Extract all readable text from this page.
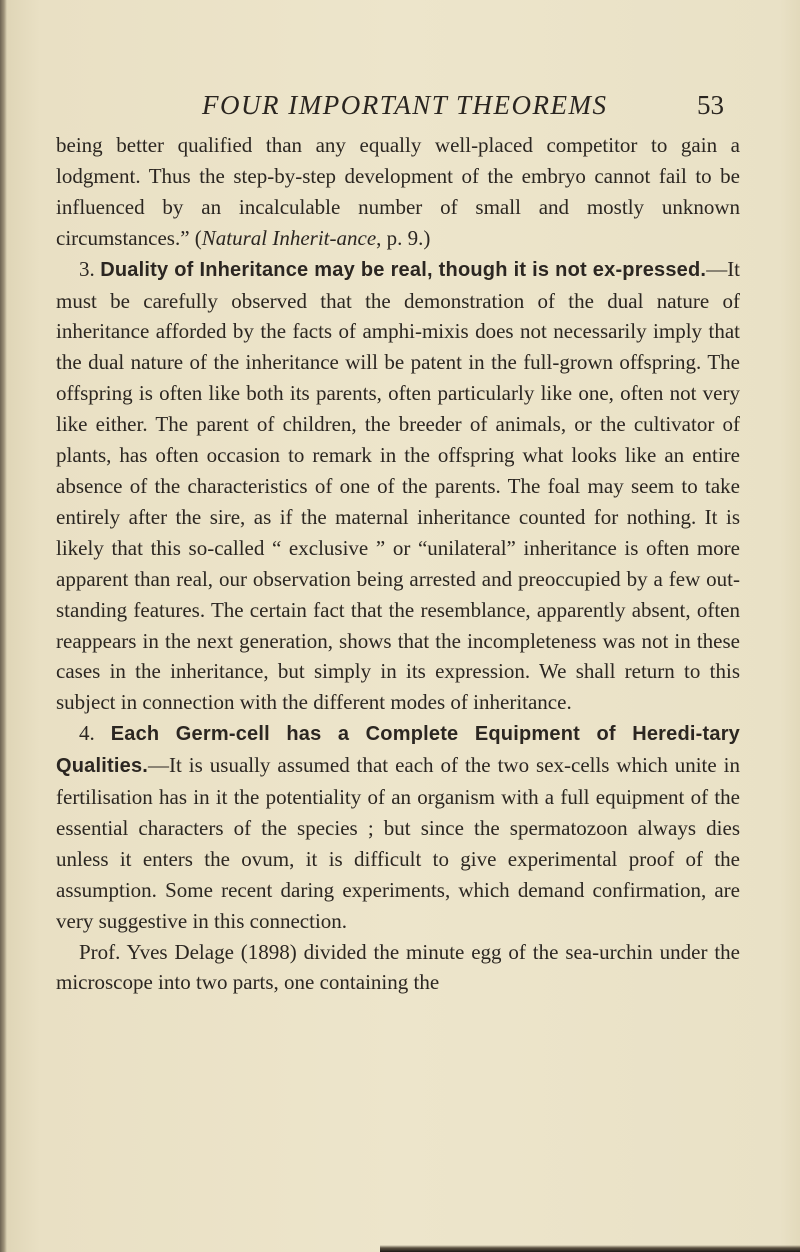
FOUR IMPORTANT THEOREMS	53

being better qualified than any equally well-placed competitor to gain a lodgment. Thus the step-by-step development of the embryo cannot fail to be influenced by an incalculable number of small and mostly unknown circumstances.” (Natural Inherit-ance, p. 9.)

3. Duality of Inheritance may be real, though it is not ex-pressed.—It must be carefully observed that the demonstration of the dual nature of inheritance afforded by the facts of amphi-mixis does not necessarily imply that the dual nature of the inheritance will be patent in the full-grown offspring. The offspring is often like both its parents, often particularly like one, often not very like either. The parent of children, the breeder of animals, or the cultivator of plants, has often occasion to remark in the offspring what looks like an entire absence of the characteristics of one of the parents. The foal may seem to take entirely after the sire, as if the maternal inheritance counted for nothing. It is likely that this so-called “ exclusive ” or “unilateral” inheritance is often more apparent than real, our observation being arrested and preoccupied by a few out-standing features. The certain fact that the resemblance, apparently absent, often reappears in the next generation, shows that the incompleteness was not in these cases in the inheritance, but simply in its expression. We shall return to this subject in connection with the different modes of inheritance.

4. Each Germ-cell has a Complete Equipment of Heredi-tary Qualities.—It is usually assumed that each of the two sex-cells which unite in fertilisation has in it the potentiality of an organism with a full equipment of the essential characters of the species ; but since the spermatozoon always dies unless it enters the ovum, it is difficult to give experimental proof of the assumption. Some recent daring experiments, which demand confirmation, are very suggestive in this connection.

Prof. Yves Delage (1898) divided the minute egg of the sea-urchin under the microscope into two parts, one containing the
